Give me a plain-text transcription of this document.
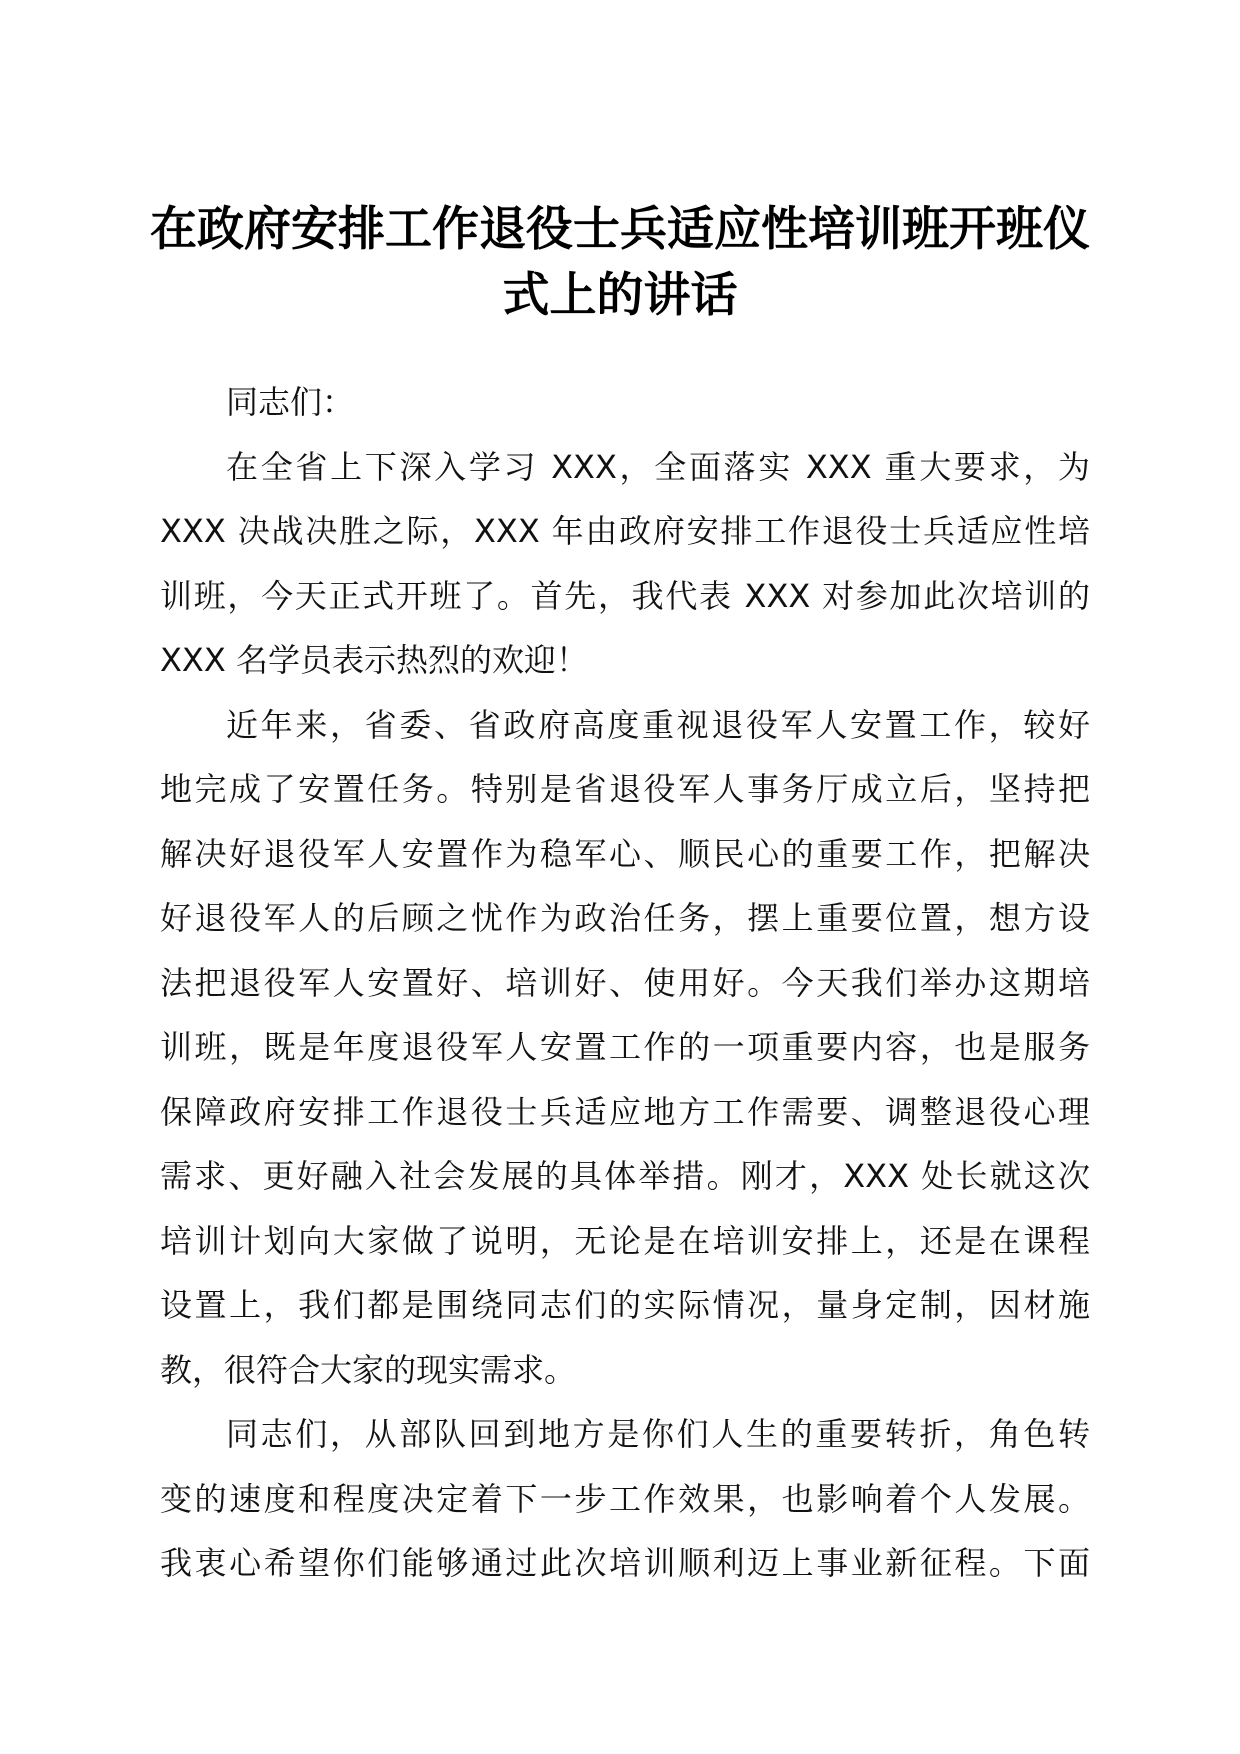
在政府安排工作退役士兵适应性培训班开班仪
式上的讲话
同志们：
在全省上下深入学习 XXX，全面落实 XXX 重大要求，为
XXX 决战决胜之际，XXX 年由政府安排工作退役士兵适应性培
训班，今天正式开班了。首先，我代表 XXX 对参加此次培训的
XXX 名学员表示热烈的欢迎！
近年来，省委、省政府高度重视退役军人安置工作，较好
地完成了安置任务。特别是省退役军人事务厅成立后，坚持把
解决好退役军人安置作为稳军心、顺民心的重要工作，把解决
好退役军人的后顾之忧作为政治任务，摆上重要位置，想方设
法把退役军人安置好、培训好、使用好。今天我们举办这期培
训班，既是年度退役军人安置工作的一项重要内容，也是服务
保障政府安排工作退役士兵适应地方工作需要、调整退役心理
需求、更好融入社会发展的具体举措。刚才，XXX 处长就这次
培训计划向大家做了说明，无论是在培训安排上，还是在课程
设置上，我们都是围绕同志们的实际情况，量身定制，因材施
教，很符合大家的现实需求。
同志们，从部队回到地方是你们人生的重要转折，角色转
变的速度和程度决定着下一步工作效果，也影响着个人发展。
我衷心希望你们能够通过此次培训顺利迈上事业新征程。下面
